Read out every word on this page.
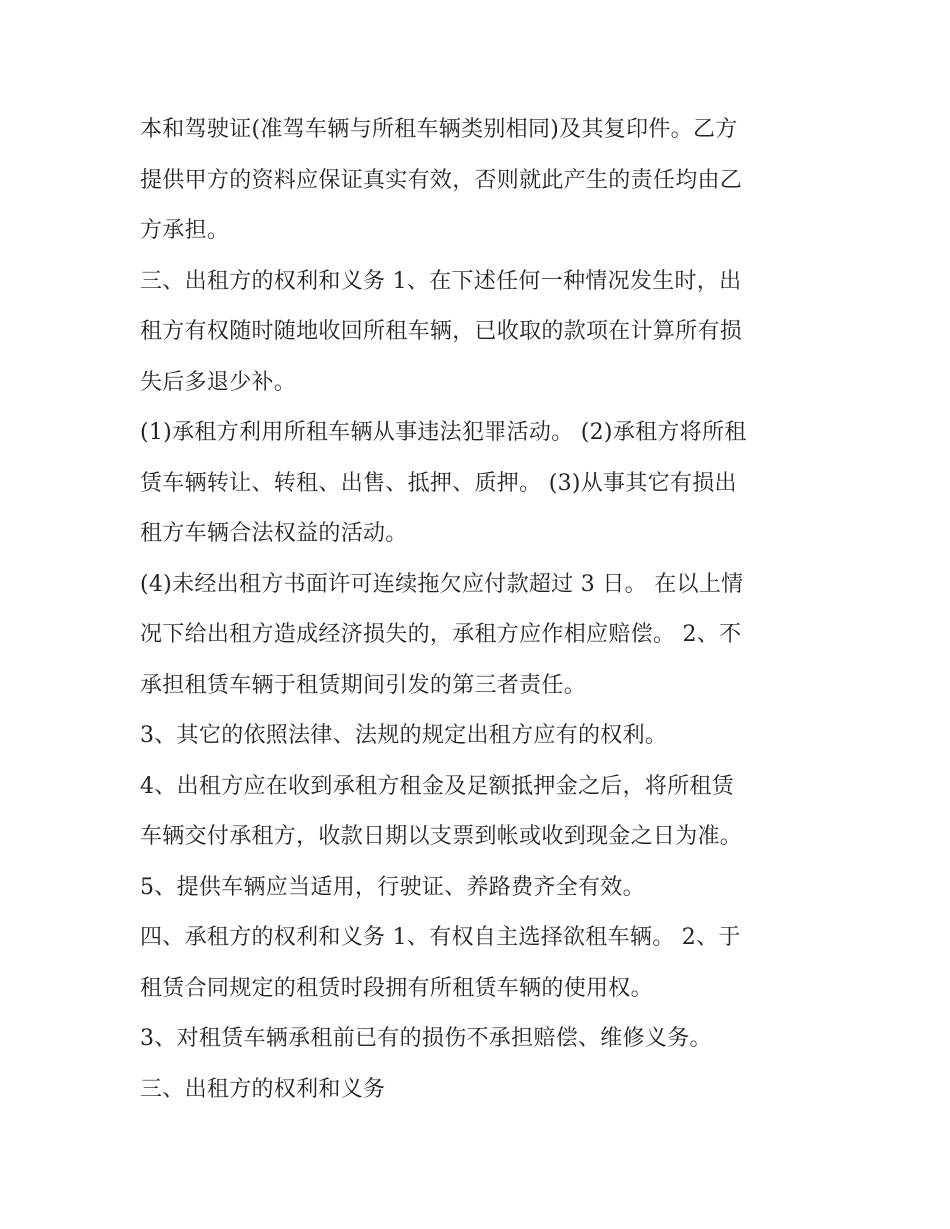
本和驾驶证(准驾车辆与所租车辆类别相同)及其复印件。乙方
提供甲方的资料应保证真实有效，否则就此产生的责任均由乙
方承担。
三、出租方的权利和义务 1、在下述任何一种情况发生时，出
租方有权随时随地收回所租车辆，已收取的款项在计算所有损
失后多退少补。
(1)承租方利用所租车辆从事违法犯罪活动。 (2)承租方将所租
赁车辆转让、转租、出售、抵押、质押。 (3)从事其它有损出
租方车辆合法权益的活动。
(4)未经出租方书面许可连续拖欠应付款超过 3 日。 在以上情
况下给出租方造成经济损失的，承租方应作相应赔偿。 2、不
承担租赁车辆于租赁期间引发的第三者责任。
3、其它的依照法律、法规的规定出租方应有的权利。
4、出租方应在收到承租方租金及足额抵押金之后，将所租赁
车辆交付承租方，收款日期以支票到帐或收到现金之日为准。
5、提供车辆应当适用，行驶证、养路费齐全有效。
四、承租方的权利和义务 1、有权自主选择欲租车辆。 2、于
租赁合同规定的租赁时段拥有所租赁车辆的使用权。
3、对租赁车辆承租前已有的损伤不承担赔偿、维修义务。
三、出租方的权利和义务
